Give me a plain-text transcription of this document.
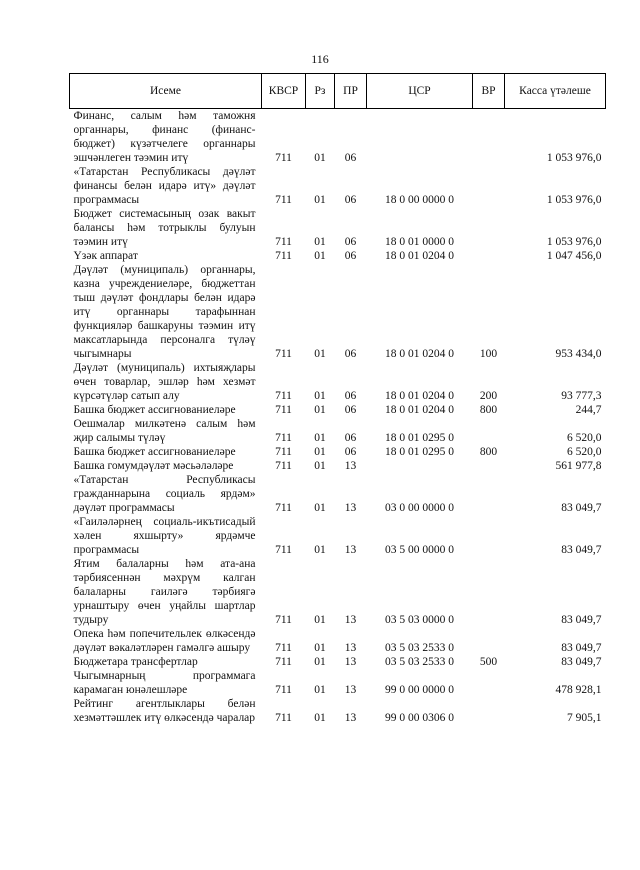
116
Исеме	КВСР	Рз	ПР	ЦСР	ВР	Касса үтәлеше
Финанс, салым һәм таможня органнары, финанс (финанс-бюджет) күзәтчелеге органнары эшчәнлеген тәэмин итү	711	01	06			1 053 976,0
«Татарстан Республикасы дәүләт финансы белән идарә итү» дәүләт программасы	711	01	06	18 0 00 0000 0		1 053 976,0
Бюджет системасының озак вакыт балансы һәм тотрыклы булуын тәэмин итү	711	01	06	18 0 01 0000 0		1 053 976,0
Үзәк аппарат	711	01	06	18 0 01 0204 0		1 047 456,0
Дәүләт (муниципаль) органнары, казна учреждениеләре, бюджеттан тыш дәүләт фондлары белән идарә итү органнары тарафыннан функцияләр башкаруны тәэмин итү максатларында персоналга түләү чыгымнары	711	01	06	18 0 01 0204 0	100	953 434,0
Дәүләт (муниципаль) ихтыяҗлары өчен товарлар, эшләр һәм хезмәт күрсәтүләр сатып алу	711	01	06	18 0 01 0204 0	200	93 777,3
Башка бюджет ассигнованиеләре	711	01	06	18 0 01 0204 0	800	244,7
Оешмалар милкәтенә салым һәм җир салымы түләү	711	01	06	18 0 01 0295 0		6 520,0
Башка бюджет ассигнованиеләре	711	01	06	18 0 01 0295 0	800	6 520,0
Башка гомумдәүләт мәсьәләләре	711	01	13			561 977,8
«Татарстан Республикасы гражданнарына социаль ярдәм» дәүләт программасы	711	01	13	03 0 00 0000 0		83 049,7
«Гаиләләрнең социаль-икътисадый хәлен яхшырту» ярдәмче программасы	711	01	13	03 5 00 0000 0		83 049,7
Ятим балаларны һәм ата-ана тәрбиясеннән мәхрүм калган балаларны гаиләгә тәрбиягә урнаштыру өчен уңайлы шартлар тудыру	711	01	13	03 5 03 0000 0		83 049,7
Опека һәм попечительлек өлкәсендә дәүләт вәкаләтләрен гамәлгә ашыру	711	01	13	03 5 03 2533 0		83 049,7
Бюджетара трансфертлар	711	01	13	03 5 03 2533 0	500	83 049,7
Чыгымнарның программага карамаган юнәлешләре	711	01	13	99 0 00 0000 0		478 928,1
Рейтинг агентлыклары белән хезмәттәшлек итү өлкәсендә чаралар	711	01	13	99 0 00 0306 0		7 905,1
